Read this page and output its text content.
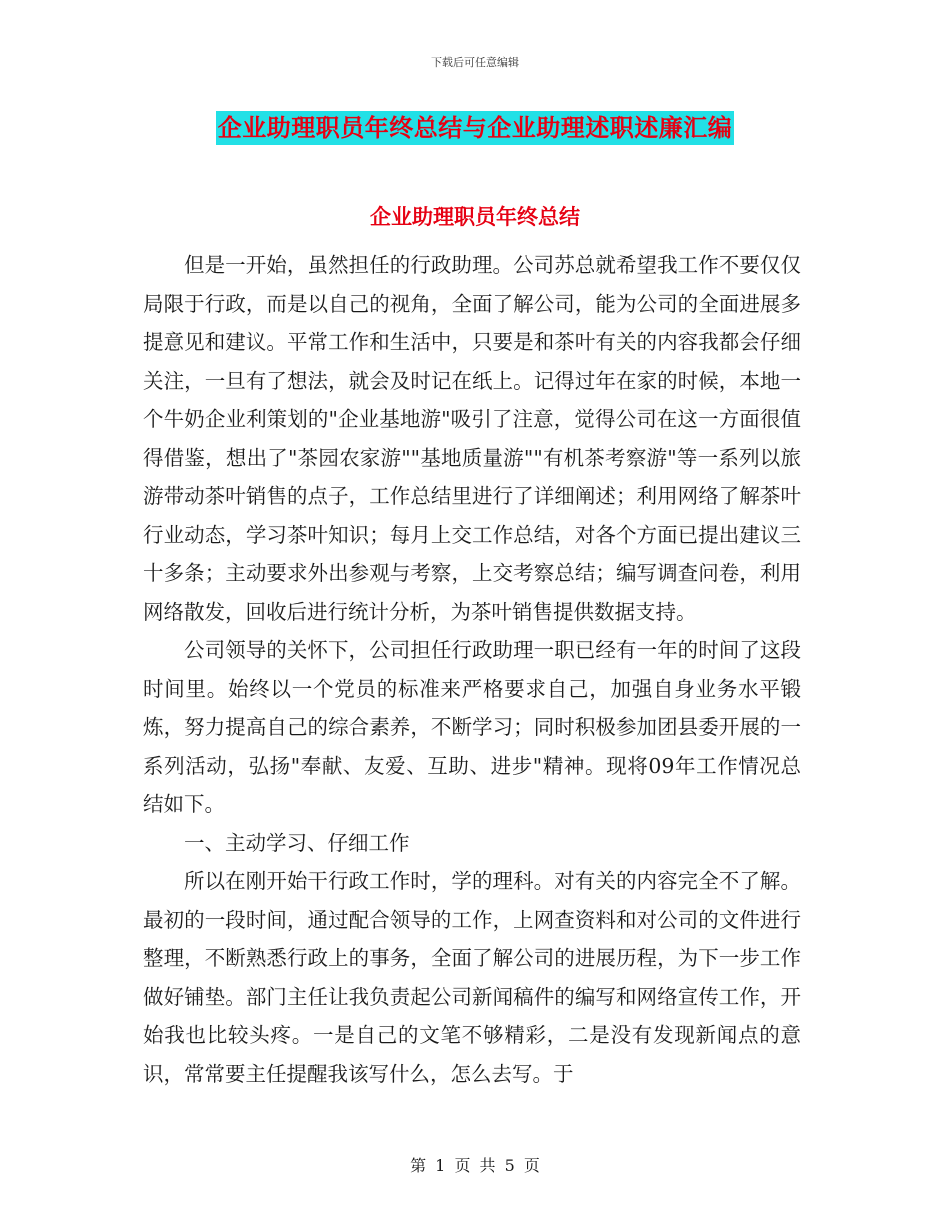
下载后可任意编辑
企业助理职员年终总结与企业助理述职述廉汇编
企业助理职员年终总结

但是一开始，虽然担任的行政助理。公司苏总就希望我工作不要仅仅局限于行政，而是以自己的视角，全面了解公司，能为公司的全面进展多提意见和建议。平常工作和生活中，只要是和茶叶有关的内容我都会仔细关注，一旦有了想法，就会及时记在纸上。记得过年在家的时候，本地一个牛奶企业利策划的"企业基地游"吸引了注意，觉得公司在这一方面很值得借鉴，想出了"茶园农家游""基地质量游""有机茶考察游"等一系列以旅游带动茶叶销售的点子，工作总结里进行了详细阐述；利用网络了解茶叶行业动态，学习茶叶知识；每月上交工作总结，对各个方面已提出建议三十多条；主动要求外出参观与考察，上交考察总结；编写调查问卷，利用网络散发，回收后进行统计分析，为茶叶销售提供数据支持。

公司领导的关怀下，公司担任行政助理一职已经有一年的时间了这段时间里。始终以一个党员的标准来严格要求自己，加强自身业务水平锻炼，努力提高自己的综合素养，不断学习；同时积极参加团县委开展的一系列活动，弘扬"奉献、友爱、互助、进步"精神。现将09年工作情况总结如下。

一、主动学习、仔细工作

所以在刚开始干行政工作时，学的理科。对有关的内容完全不了解。最初的一段时间，通过配合领导的工作，上网查资料和对公司的文件进行整理，不断熟悉行政上的事务，全面了解公司的进展历程，为下一步工作做好铺垫。部门主任让我负责起公司新闻稿件的编写和网络宣传工作，开始我也比较头疼。一是自己的文笔不够精彩，二是没有发现新闻点的意识，常常要主任提醒我该写什么，怎么去写。于

第 1 页 共 5 页
